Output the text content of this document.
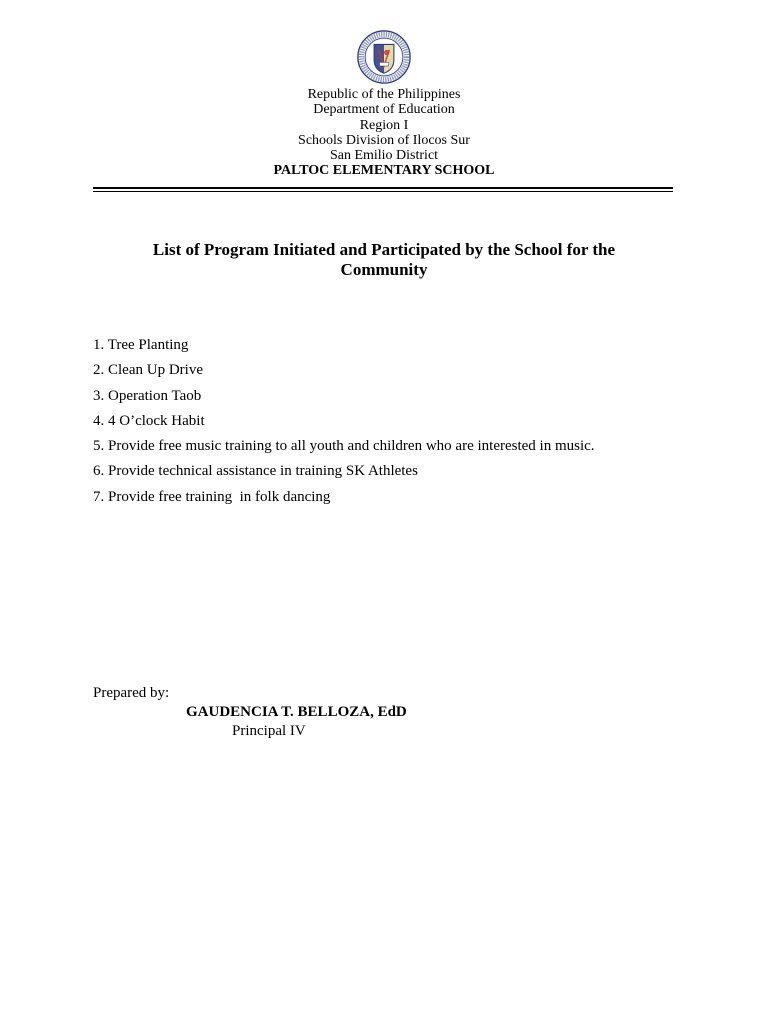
Republic of the Philippines
Department of Education
Region I
Schools Division of Ilocos Sur
San Emilio District
PALTOC ELEMENTARY SCHOOL
List of Program Initiated and Participated by the School for the Community
1. Tree Planting
2. Clean Up Drive
3. Operation Taob
4. 4 O’clock Habit
5. Provide free music training to all youth and children who are interested in music.
6. Provide technical assistance in training SK Athletes
7. Provide free training  in folk dancing
Prepared by:
GAUDENCIA T. BELLOZA, EdD
Principal IV
